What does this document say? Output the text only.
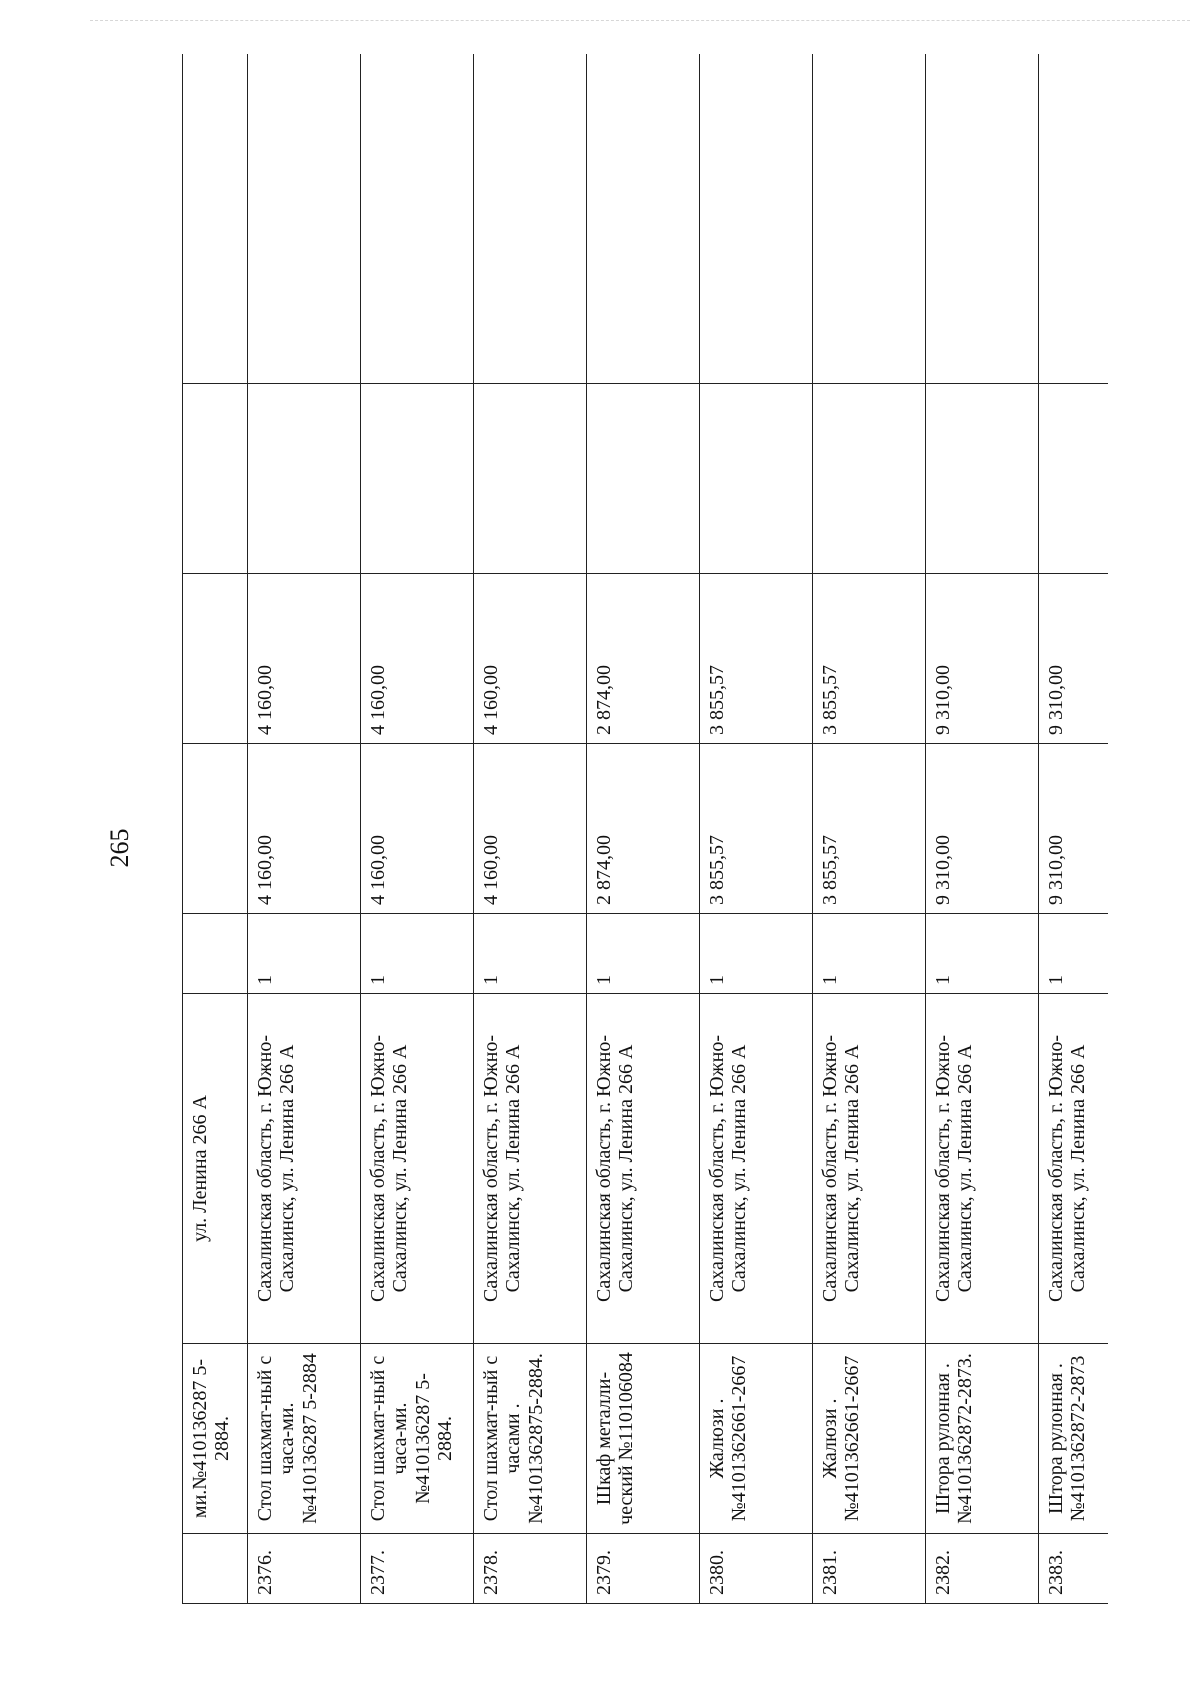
265
	ми.№410136287 5-2884.	ул. Ленина 266 А					
2376.	Стол шахмат-ный с часа-ми.№410136287 5-2884	Сахалинская область, г. Южно-Сахалинск, ул. Ленина 266 А	1	4 160,00	4 160,00		
2377.	Стол шахмат-ный с часа-ми.№410136287 5-2884.	Сахалинская область, г. Южно-Сахалинск, ул. Ленина 266 А	1	4 160,00	4 160,00		
2378.	Стол шахмат-ный с часами .№4101362875-2884.	Сахалинская область, г. Южно-Сахалинск, ул. Ленина 266 А	1	4 160,00	4 160,00		
2379.	Шкаф металли-ческий №110106084	Сахалинская область, г. Южно-Сахалинск, ул. Ленина 266 А	1	2 874,00	2 874,00		
2380.	Жалюзи .№4101362661-2667	Сахалинская область, г. Южно-Сахалинск, ул. Ленина 266 А	1	3 855,57	3 855,57		
2381.	Жалюзи .№4101362661-2667	Сахалинская область, г. Южно-Сахалинск, ул. Ленина 266 А	1	3 855,57	3 855,57		
2382.	Штора рулонная .№4101362872-2873.	Сахалинская область, г. Южно-Сахалинск, ул. Ленина 266 А	1	9 310,00	9 310,00		
2383.	Штора рулонная .№4101362872-2873	Сахалинская область, г. Южно-Сахалинск, ул. Ленина 266 А	1	9 310,00	9 310,00		
